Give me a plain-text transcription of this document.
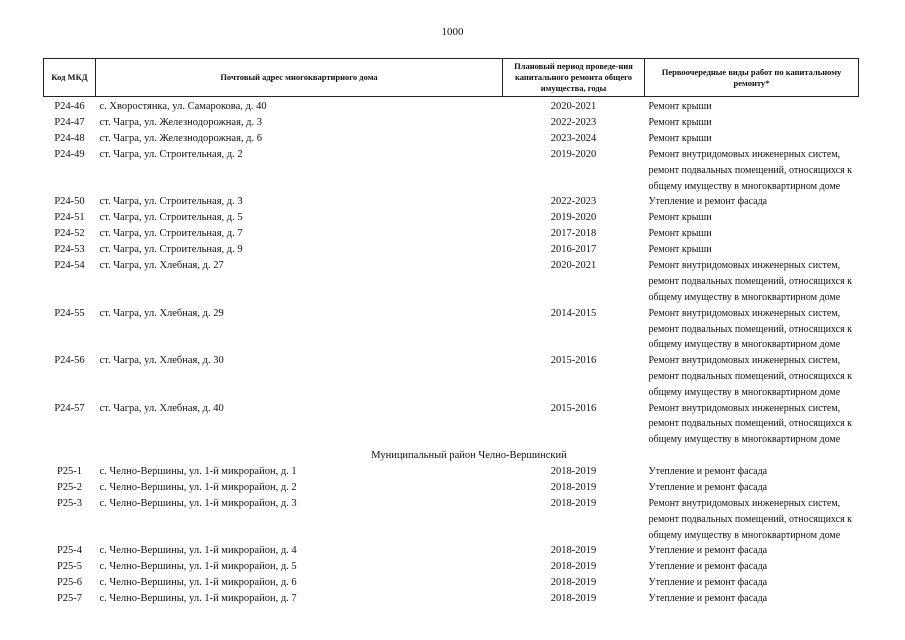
1000
Код МКД	Почтовый адрес многоквартирного дома	Плановый период проведе-ния капитального ремонта общего имущества, годы	Первоочередные виды работ по капитальному ремонту*
Р24-46	с. Хворостянка, ул. Самарокова, д. 40	2020-2021	Ремонт крыши
Р24-47	ст. Чагра, ул. Железнодорожная, д. 3	2022-2023	Ремонт крыши
Р24-48	ст. Чагра, ул. Железнодорожная, д. 6	2023-2024	Ремонт крыши
Р24-49	ст. Чагра, ул. Строительная, д. 2	2019-2020	Ремонт внутридомовых инженерных систем, ремонт подвальных помещений, относящихся к общему имуществу в многоквартирном доме
Р24-50	ст. Чагра, ул. Строительная, д. 3	2022-2023	Утепление и ремонт фасада
Р24-51	ст. Чагра, ул. Строительная, д. 5	2019-2020	Ремонт крыши
Р24-52	ст. Чагра, ул. Строительная, д. 7	2017-2018	Ремонт крыши
Р24-53	ст. Чагра, ул. Строительная, д. 9	2016-2017	Ремонт крыши
Р24-54	ст. Чагра, ул. Хлебная, д. 27	2020-2021	Ремонт внутридомовых инженерных систем, ремонт подвальных помещений, относящихся к общему имуществу в многоквартирном доме
Р24-55	ст. Чагра, ул. Хлебная, д. 29	2014-2015	Ремонт внутридомовых инженерных систем, ремонт подвальных помещений, относящихся к общему имуществу в многоквартирном доме
Р24-56	ст. Чагра, ул. Хлебная, д. 30	2015-2016	Ремонт внутридомовых инженерных систем, ремонт подвальных помещений, относящихся к общему имуществу в многоквартирном доме
Р24-57	ст. Чагра, ул. Хлебная, д. 40	2015-2016	Ремонт внутридомовых инженерных систем, ремонт подвальных помещений, относящихся к общему имуществу в многоквартирном доме
Муниципальный район Челно-Вершинский			
Р25-1	с. Челно-Вершины, ул. 1-й микрорайон, д. 1	2018-2019	Утепление и ремонт фасада
Р25-2	с. Челно-Вершины, ул. 1-й микрорайон, д. 2	2018-2019	Утепление и ремонт фасада
Р25-3	с. Челно-Вершины, ул. 1-й микрорайон, д. 3	2018-2019	Ремонт внутридомовых инженерных систем, ремонт подвальных помещений, относящихся к общему имуществу в многоквартирном доме
Р25-4	с. Челно-Вершины, ул. 1-й микрорайон, д. 4	2018-2019	Утепление и ремонт фасада
Р25-5	с. Челно-Вершины, ул. 1-й микрорайон, д. 5	2018-2019	Утепление и ремонт фасада
Р25-6	с. Челно-Вершины, ул. 1-й микрорайон, д. 6	2018-2019	Утепление и ремонт фасада
Р25-7	с. Челно-Вершины, ул. 1-й микрорайон, д. 7	2018-2019	Утепление и ремонт фасада
